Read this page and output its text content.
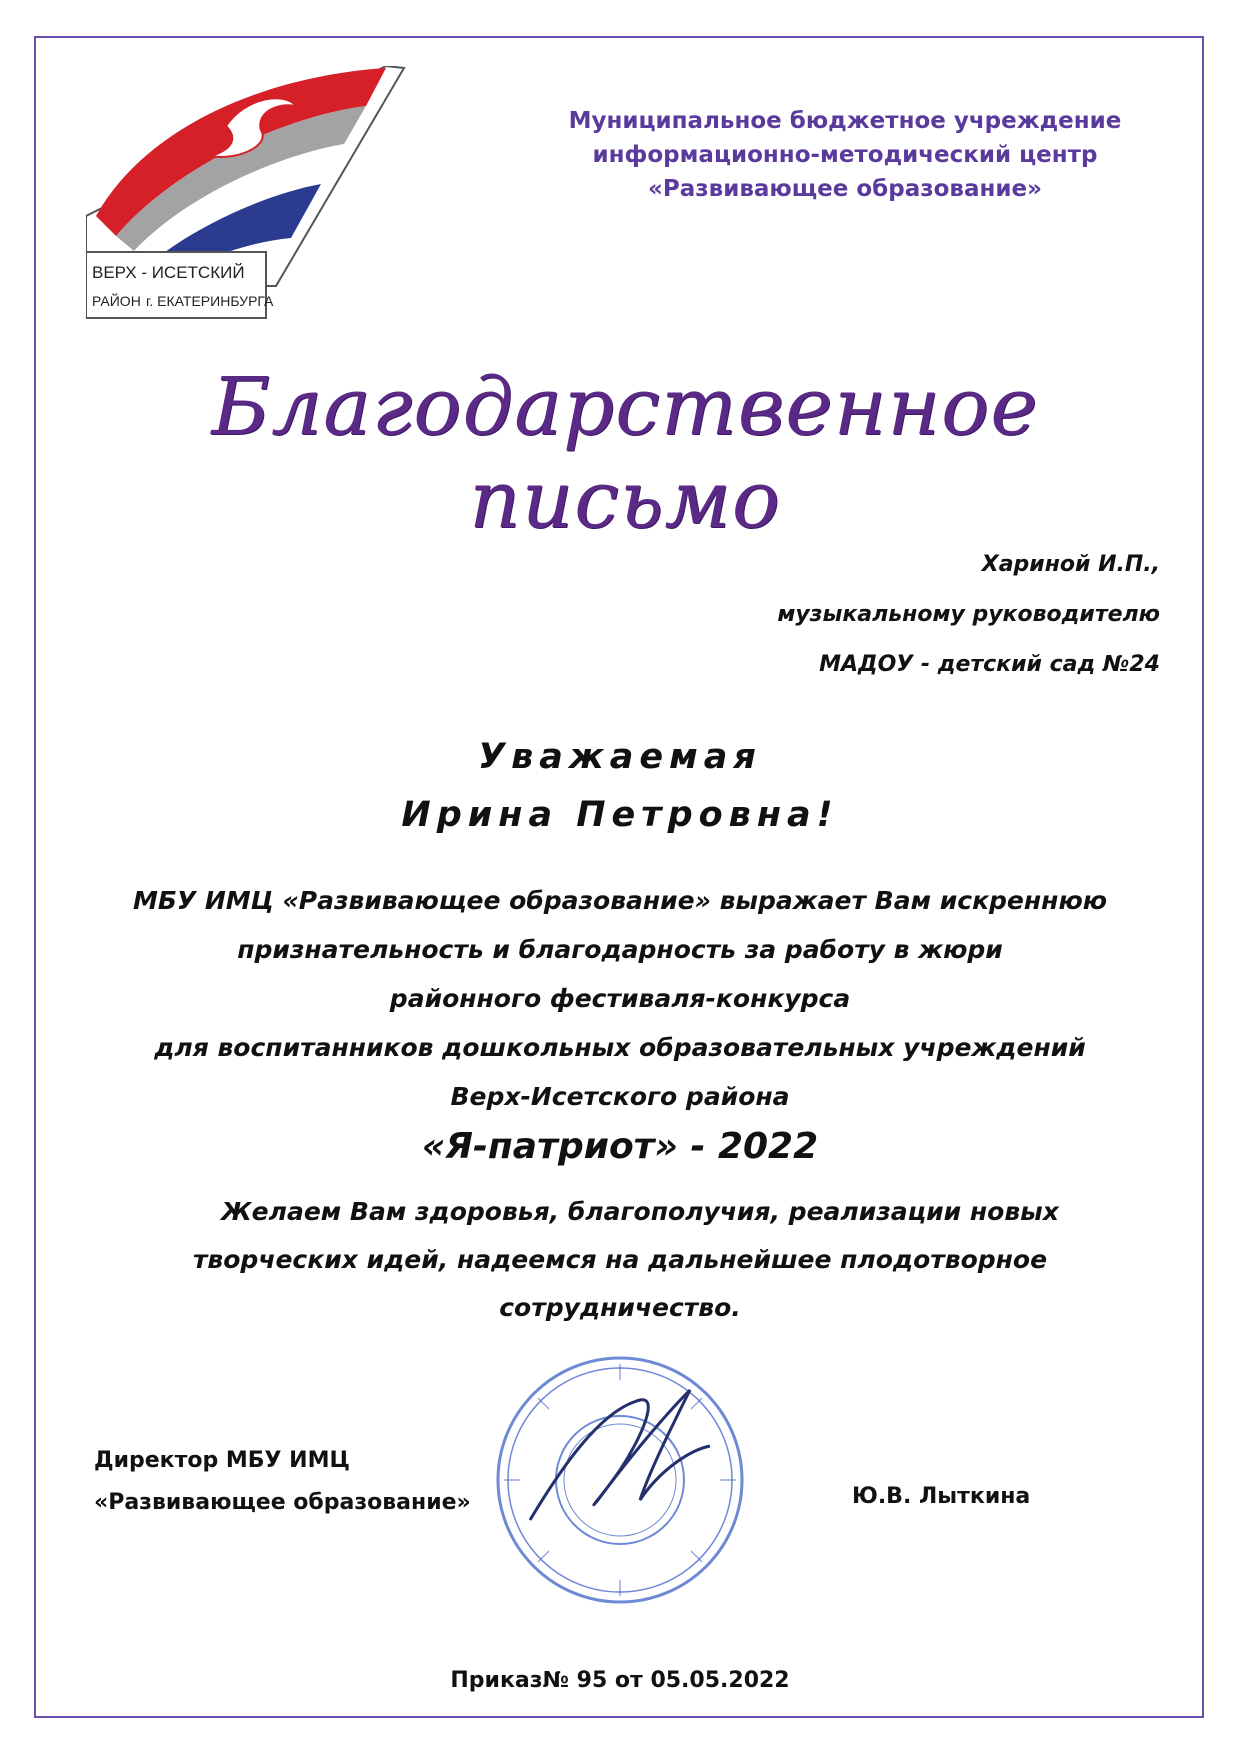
ВЕРХ - ИСЕТСКИЙ
РАЙОН г. ЕКАТЕРИНБУРГА
Муниципальное бюджетное учреждение
информационно-методический центр
«Развивающее образование»
Благодарственное письмо
Хариной И.П.,
музыкальному руководителю
МАДОУ - детский сад №24
Уважаемая
Ирина Петровна!
МБУ ИМЦ «Развивающее образование» выражает Вам искреннюю
признательность и благодарность за работу в жюри
районного фестиваля-конкурса
для воспитанников дошкольных образовательных учреждений
Верх-Исетского района
«Я-патриот» - 2022
Желаем Вам здоровья, благополучия, реализации новых
творческих идей, надеемся на дальнейшее плодотворное
сотрудничество.
Директор МБУ ИМЦ
«Развивающее образование»	Ю.В. Лыткина
Приказ№ 95 от 05.05.2022
